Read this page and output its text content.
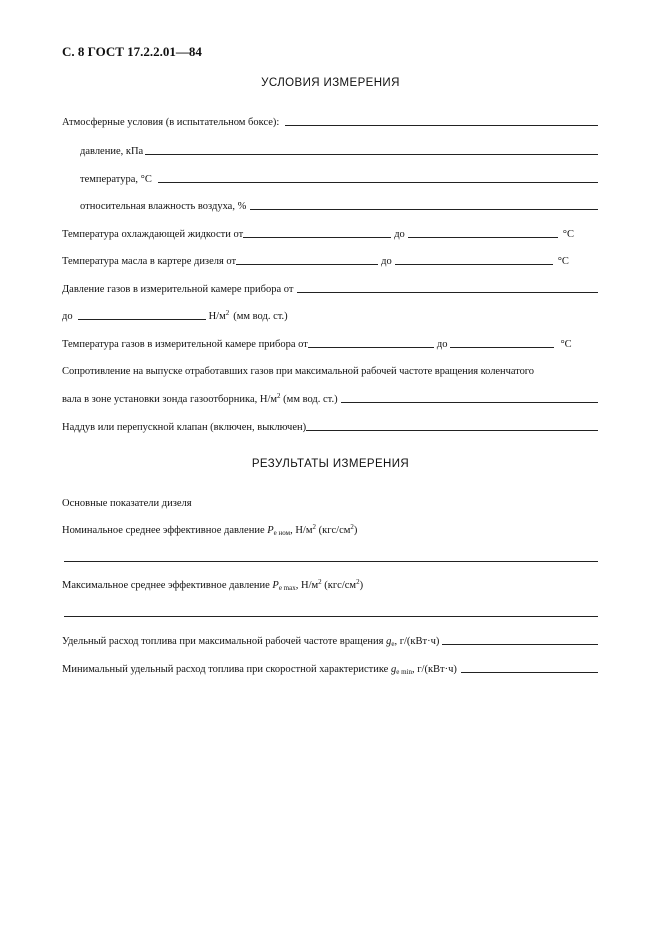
С. 8 ГОСТ 17.2.2.01—84
УСЛОВИЯ ИЗМЕРЕНИЯ
Атмосферные условия (в испытательном боксе):
давление, кПа
температура, °С
относительная влажность воздуха, %
Температура охлаждающей жидкости от	до	°С
Температура масла в картере дизеля от	до	°С
Давление газов в измерительной камере прибора от
до	$Н/м^2$ (мм вод. ст.)
Температура газов в измерительной камере прибора от	до	°С
Сопротивление на выпуске отработавших газов при максимальной рабочей частоте вращения коленчатого
вала в зоне установки зонда газоотборника, $Н/м^2$ (мм вод. ст.)
Наддув или перепускной клапан (включен, выключен)
РЕЗУЛЬТАТЫ ИЗМЕРЕНИЯ
Основные показатели дизеля
Номинальное среднее эффективное давление $P_{e ном}$, $Н/м^2$ $(кгс/см^2)$
Максимальное среднее эффективное давление $P_{e max}$, $Н/м^2$ $(кгс/см^2)$
Удельный расход топлива при максимальной рабочей частоте вращения $g_e$, г/(кВт·ч)
Минимальный удельный расход топлива при скоростной характеристике $g_{e min}$, г/(кВт·ч)
